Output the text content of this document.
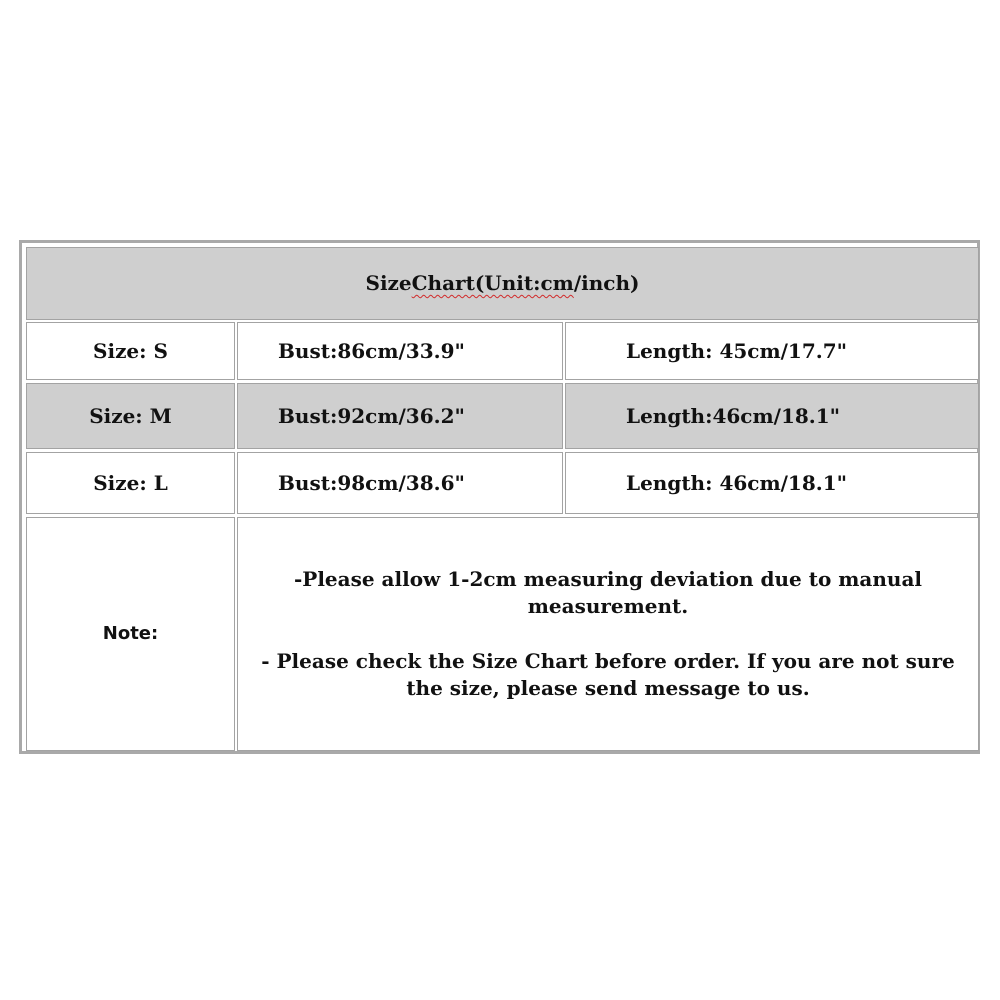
Size Chart(Unit:cm /inch)
Size: S	Bust:86cm/33.9"	Length: 45cm/17.7"
Size: M	Bust:92cm/36.2"	Length:46cm/18.1"
Size: L	Bust:98cm/38.6"	Length: 46cm/18.1"
Note:
-Please allow 1-2cm measuring deviation due to manual measurement.
- Please check the Size Chart before order. If you are not sure the size, please send message to us.
